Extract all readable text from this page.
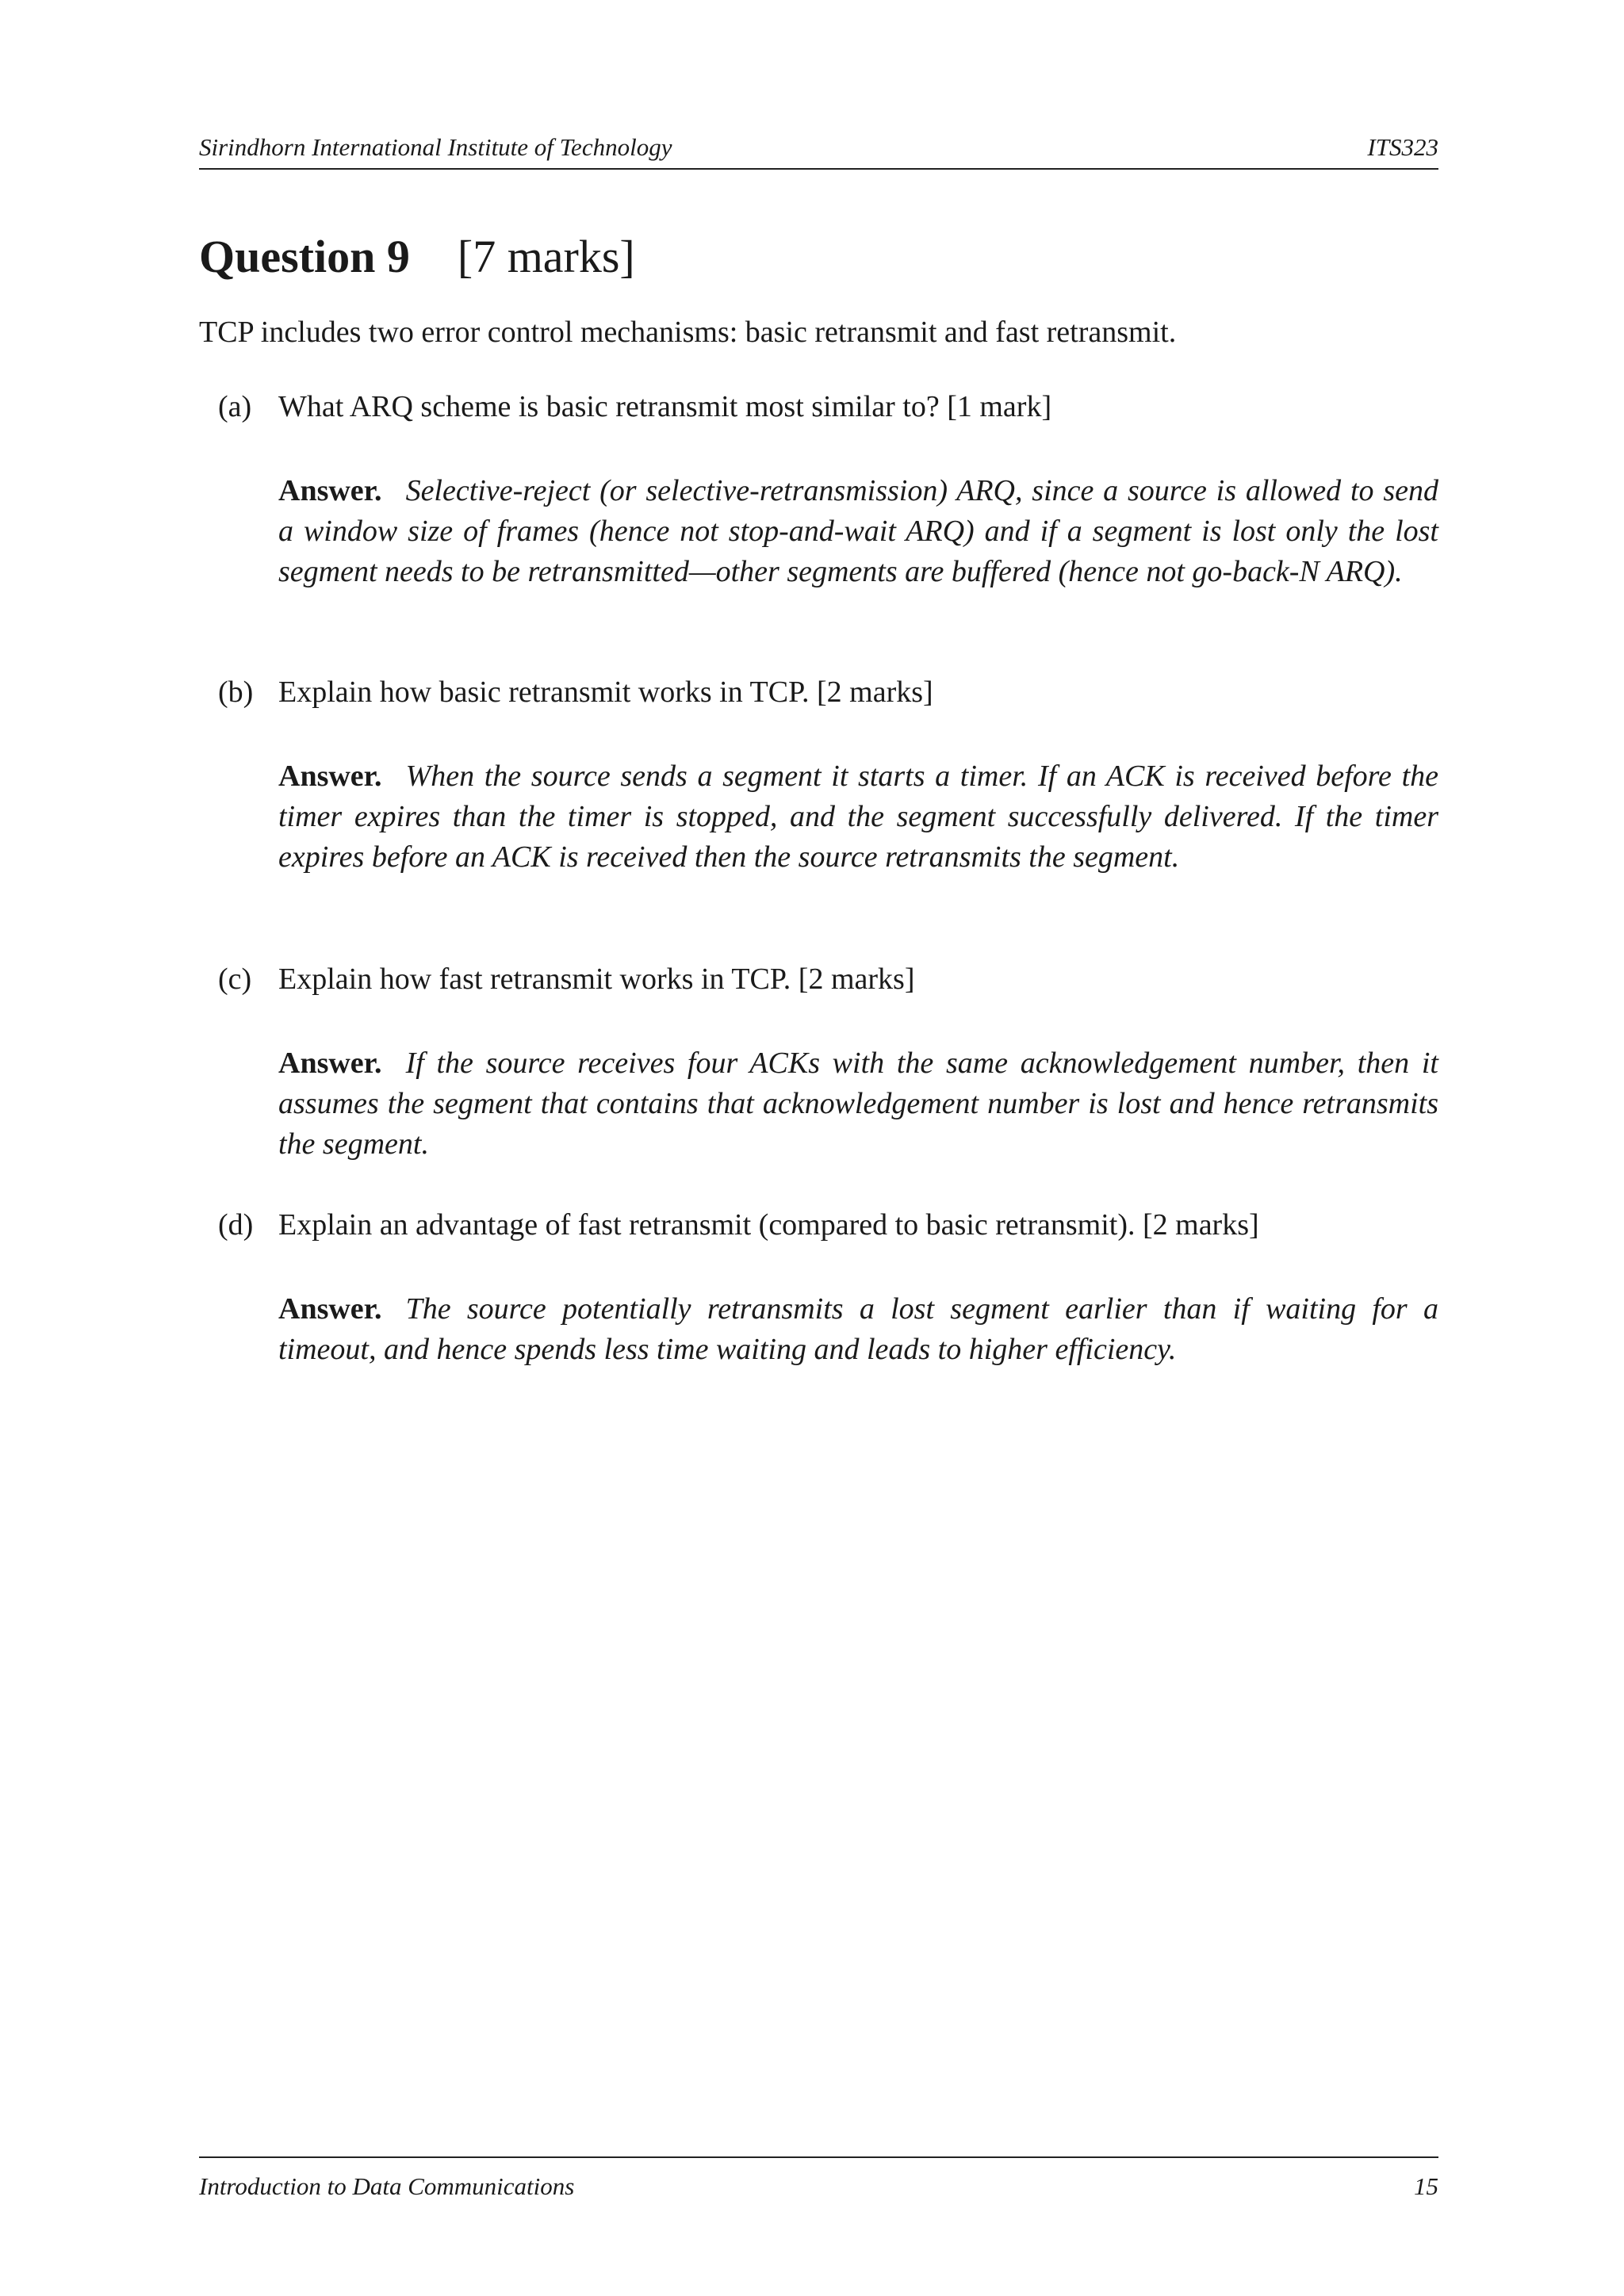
Sirindhorn International Institute of Technology	ITS323
Question 9 [7 marks]
TCP includes two error control mechanisms: basic retransmit and fast retransmit.
(a) What ARQ scheme is basic retransmit most similar to? [1 mark]
Answer. Selective-reject (or selective-retransmission) ARQ, since a source is allowed to send a window size of frames (hence not stop-and-wait ARQ) and if a segment is lost only the lost segment needs to be retransmitted—other segments are buffered (hence not go-back-N ARQ).
(b) Explain how basic retransmit works in TCP. [2 marks]
Answer. When the source sends a segment it starts a timer. If an ACK is received before the timer expires than the timer is stopped, and the segment successfully delivered. If the timer expires before an ACK is received then the source retransmits the segment.
(c) Explain how fast retransmit works in TCP. [2 marks]
Answer. If the source receives four ACKs with the same acknowledgement number, then it assumes the segment that contains that acknowledgement number is lost and hence retransmits the segment.
(d) Explain an advantage of fast retransmit (compared to basic retransmit). [2 marks]
Answer. The source potentially retransmits a lost segment earlier than if waiting for a timeout, and hence spends less time waiting and leads to higher efficiency.
Introduction to Data Communications	15
